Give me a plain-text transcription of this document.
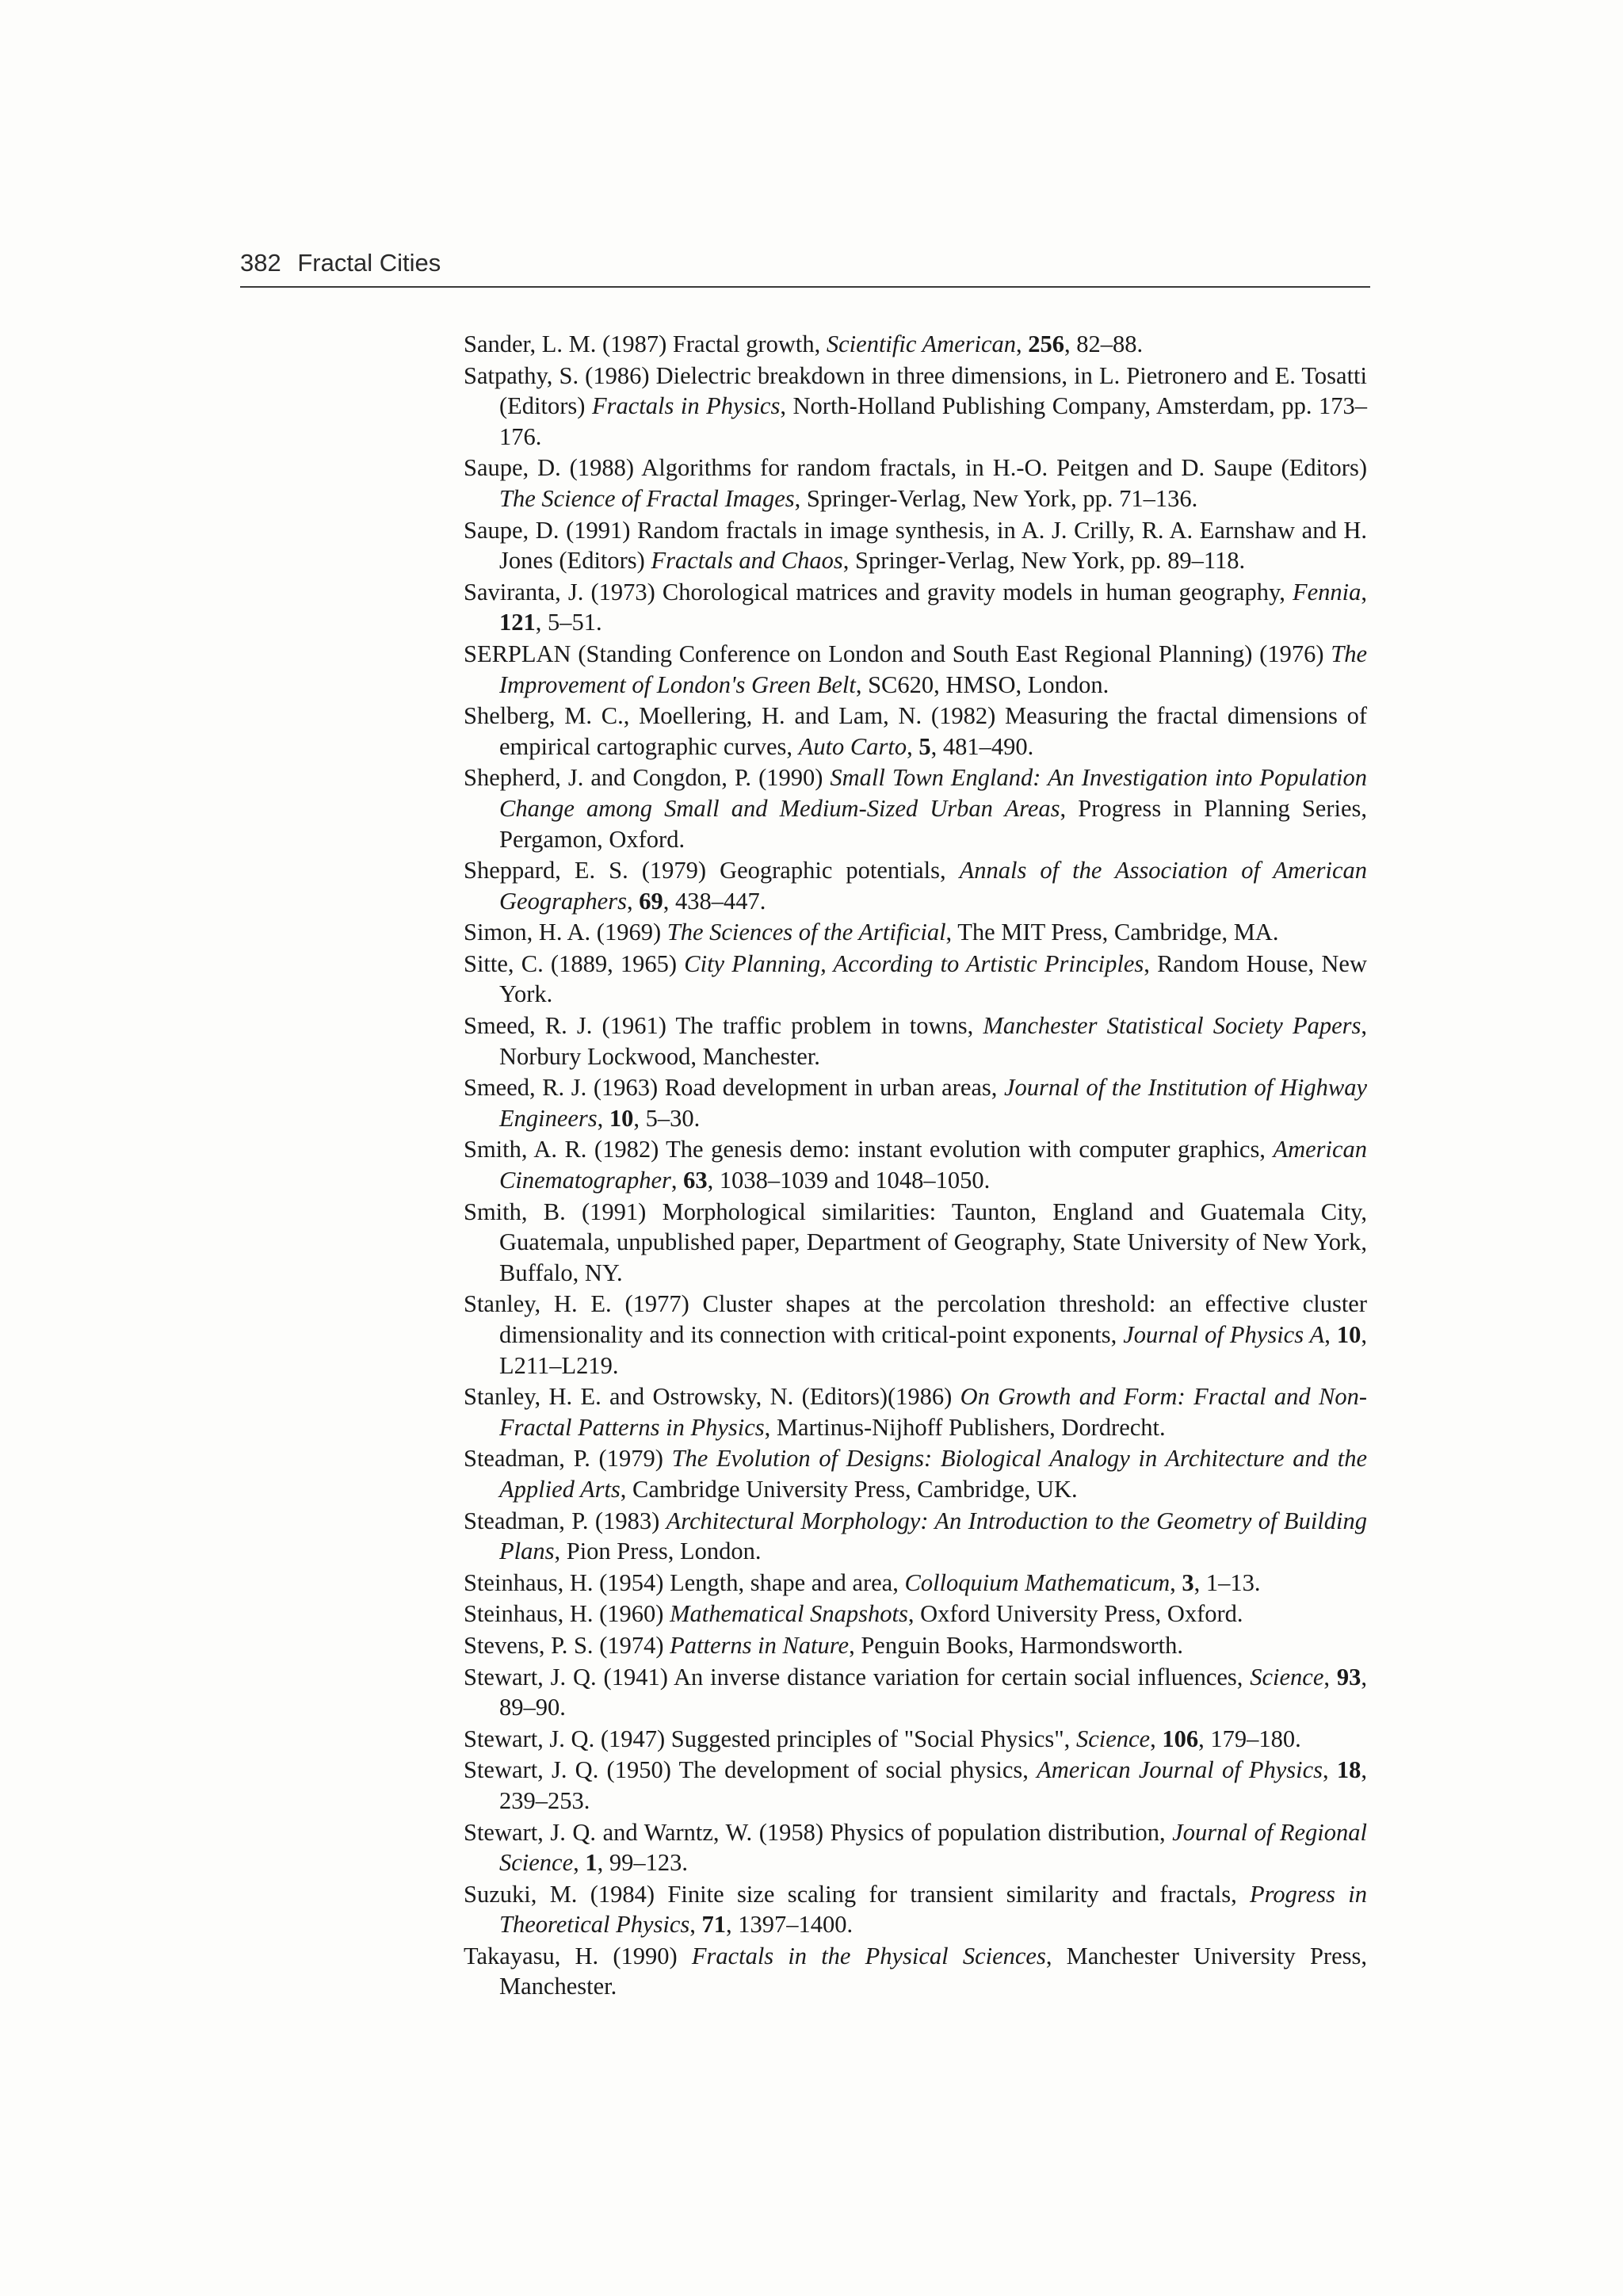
382 Fractal Cities

Sander, L. M. (1987) Fractal growth, Scientific American, 256, 82–88.

Satpathy, S. (1986) Dielectric breakdown in three dimensions, in L. Pietronero and E. Tosatti (Editors) Fractals in Physics, North-Holland Publishing Company, Amsterdam, pp. 173–176.

Saupe, D. (1988) Algorithms for random fractals, in H.-O. Peitgen and D. Saupe (Editors) The Science of Fractal Images, Springer-Verlag, New York, pp. 71–136.

Saupe, D. (1991) Random fractals in image synthesis, in A. J. Crilly, R. A. Earnshaw and H. Jones (Editors) Fractals and Chaos, Springer-Verlag, New York, pp. 89–118.

Saviranta, J. (1973) Chorological matrices and gravity models in human geography, Fennia, 121, 5–51.

SERPLAN (Standing Conference on London and South East Regional Planning) (1976) The Improvement of London's Green Belt, SC620, HMSO, London.

Shelberg, M. C., Moellering, H. and Lam, N. (1982) Measuring the fractal dimensions of empirical cartographic curves, Auto Carto, 5, 481–490.

Shepherd, J. and Congdon, P. (1990) Small Town England: An Investigation into Population Change among Small and Medium-Sized Urban Areas, Progress in Planning Series, Pergamon, Oxford.

Sheppard, E. S. (1979) Geographic potentials, Annals of the Association of American Geographers, 69, 438–447.

Simon, H. A. (1969) The Sciences of the Artificial, The MIT Press, Cambridge, MA.

Sitte, C. (1889, 1965) City Planning, According to Artistic Principles, Random House, New York.

Smeed, R. J. (1961) The traffic problem in towns, Manchester Statistical Society Papers, Norbury Lockwood, Manchester.

Smeed, R. J. (1963) Road development in urban areas, Journal of the Institution of Highway Engineers, 10, 5–30.

Smith, A. R. (1982) The genesis demo: instant evolution with computer graphics, American Cinematographer, 63, 1038–1039 and 1048–1050.

Smith, B. (1991) Morphological similarities: Taunton, England and Guatemala City, Guatemala, unpublished paper, Department of Geography, State University of New York, Buffalo, NY.

Stanley, H. E. (1977) Cluster shapes at the percolation threshold: an effective cluster dimensionality and its connection with critical-point exponents, Journal of Physics A, 10, L211–L219.

Stanley, H. E. and Ostrowsky, N. (Editors)(1986) On Growth and Form: Fractal and Non-Fractal Patterns in Physics, Martinus-Nijhoff Publishers, Dordrecht.

Steadman, P. (1979) The Evolution of Designs: Biological Analogy in Architecture and the Applied Arts, Cambridge University Press, Cambridge, UK.

Steadman, P. (1983) Architectural Morphology: An Introduction to the Geometry of Building Plans, Pion Press, London.

Steinhaus, H. (1954) Length, shape and area, Colloquium Mathematicum, 3, 1–13.

Steinhaus, H. (1960) Mathematical Snapshots, Oxford University Press, Oxford.

Stevens, P. S. (1974) Patterns in Nature, Penguin Books, Harmondsworth.

Stewart, J. Q. (1941) An inverse distance variation for certain social influences, Science, 93, 89–90.

Stewart, J. Q. (1947) Suggested principles of "Social Physics", Science, 106, 179–180.

Stewart, J. Q. (1950) The development of social physics, American Journal of Physics, 18, 239–253.

Stewart, J. Q. and Warntz, W. (1958) Physics of population distribution, Journal of Regional Science, 1, 99–123.

Suzuki, M. (1984) Finite size scaling for transient similarity and fractals, Progress in Theoretical Physics, 71, 1397–1400.

Takayasu, H. (1990) Fractals in the Physical Sciences, Manchester University Press, Manchester.
